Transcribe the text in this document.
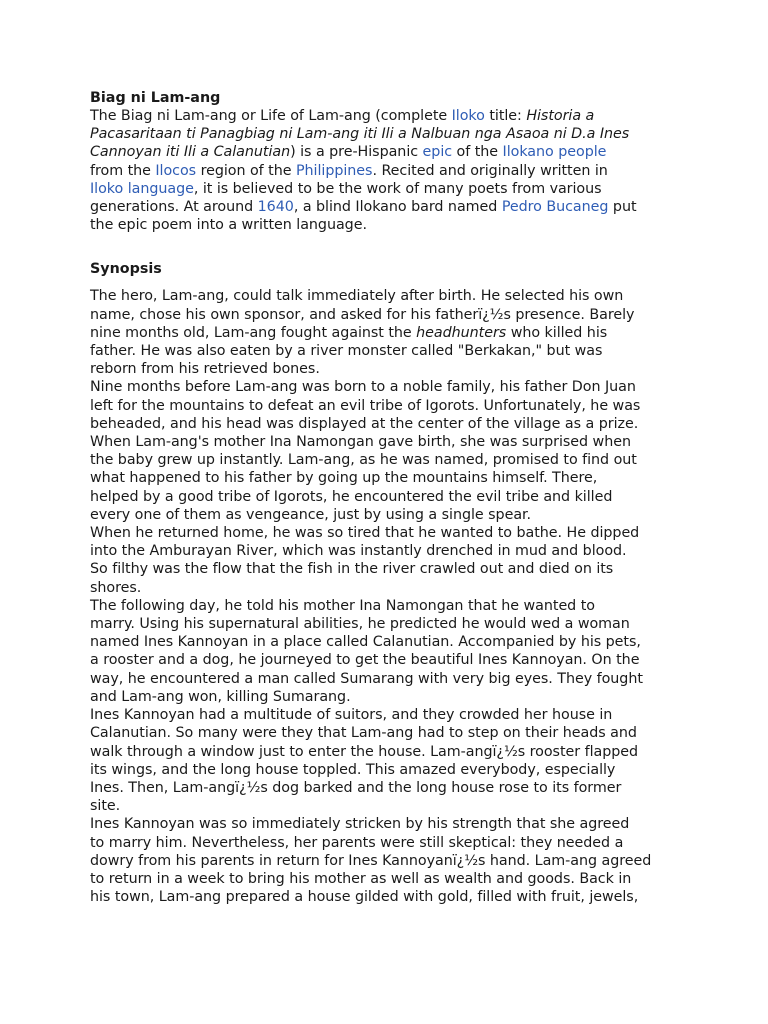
Biag ni Lam-ang

The Biag ni Lam-ang or Life of Lam-ang (complete Iloko title: Historia a
Pacasaritaan ti Panagbiag ni Lam-ang iti Ili a Nalbuan nga Asaoa ni D.a Ines
Cannoyan iti Ili a Calanutian) is a pre-Hispanic epic of the Ilokano people
from the Ilocos region of the Philippines. Recited and originally written in
Iloko language, it is believed to be the work of many poets from various
generations. At around 1640, a blind Ilokano bard named Pedro Bucaneg put
the epic poem into a written language.

Synopsis

The hero, Lam-ang, could talk immediately after birth. He selected his own
name, chose his own sponsor, and asked for his fatherï¿½s presence. Barely
nine months old, Lam-ang fought against the headhunters who killed his
father. He was also eaten by a river monster called "Berkakan," but was
reborn from his retrieved bones.

Nine months before Lam-ang was born to a noble family, his father Don Juan
left for the mountains to defeat an evil tribe of Igorots. Unfortunately, he was
beheaded, and his head was displayed at the center of the village as a prize.
When Lam-ang's mother Ina Namongan gave birth, she was surprised when
the baby grew up instantly. Lam-ang, as he was named, promised to find out
what happened to his father by going up the mountains himself. There,
helped by a good tribe of Igorots, he encountered the evil tribe and killed
every one of them as vengeance, just by using a single spear.

When he returned home, he was so tired that he wanted to bathe. He dipped
into the Amburayan River, which was instantly drenched in mud and blood.
So filthy was the flow that the fish in the river crawled out and died on its
shores.

The following day, he told his mother Ina Namongan that he wanted to
marry. Using his supernatural abilities, he predicted he would wed a woman
named Ines Kannoyan in a place called Calanutian. Accompanied by his pets,
a rooster and a dog, he journeyed to get the beautiful Ines Kannoyan. On the
way, he encountered a man called Sumarang with very big eyes. They fought
and Lam-ang won, killing Sumarang.

Ines Kannoyan had a multitude of suitors, and they crowded her house in
Calanutian. So many were they that Lam-ang had to step on their heads and
walk through a window just to enter the house. Lam-angï¿½s rooster flapped
its wings, and the long house toppled. This amazed everybody, especially
Ines. Then, Lam-angï¿½s dog barked and the long house rose to its former
site.

Ines Kannoyan was so immediately stricken by his strength that she agreed
to marry him. Nevertheless, her parents were still skeptical: they needed a
dowry from his parents in return for Ines Kannoyanï¿½s hand. Lam-ang agreed
to return in a week to bring his mother as well as wealth and goods. Back in
his town, Lam-ang prepared a house gilded with gold, filled with fruit, jewels,
